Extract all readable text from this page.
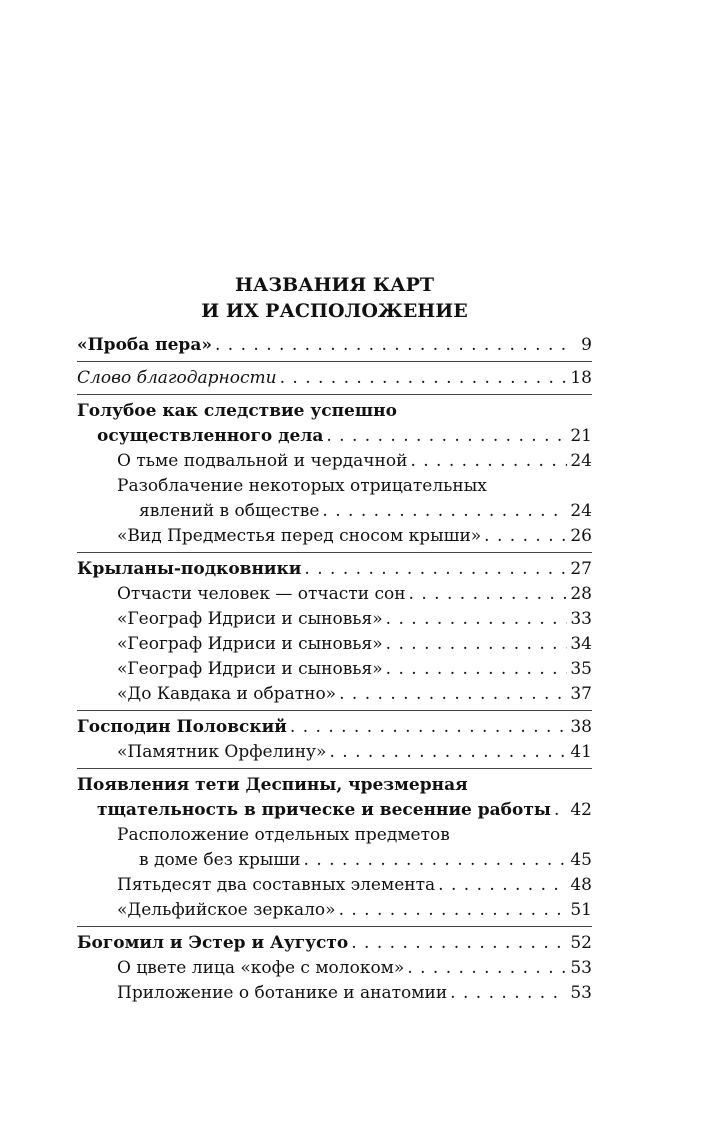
НАЗВАНИЯ КАРТ
И ИХ РАСПОЛОЖЕНИЕ
«Проба пера» . . .	9
Слово благодарности . . .	18
Голубое как следствие успешно
осуществленного дела . . .	21
О тьме подвальной и чердачной . . .	24
Разоблачение некоторых отрицательных
явлений в обществе . . .	24
«Вид Предместья перед сносом крыши» . . .	26
Крыланы-подковники . . .	27
Отчасти человек — отчасти сон . . .	28
«Географ Идриси и сыновья» . . .	33
«Географ Идриси и сыновья» . . .	34
«Географ Идриси и сыновья» . . .	35
«До Кавдака и обратно» . . .	37
Господин Половский . . .	38
«Памятник Орфелину» . . .	41
Появления тети Деспины, чрезмерная
тщательность в прическе и весенние работы . . . 42
Расположение отдельных предметов
в доме без крыши . . .	45
Пятьдесят два составных элемента . . .	48
«Дельфийское зеркало» . . .	51
Богомил и Эстер и Аугусто . . .	52
О цвете лица «кофе с молоком» . . .	53
Приложение о ботанике и анатомии . . .	53
